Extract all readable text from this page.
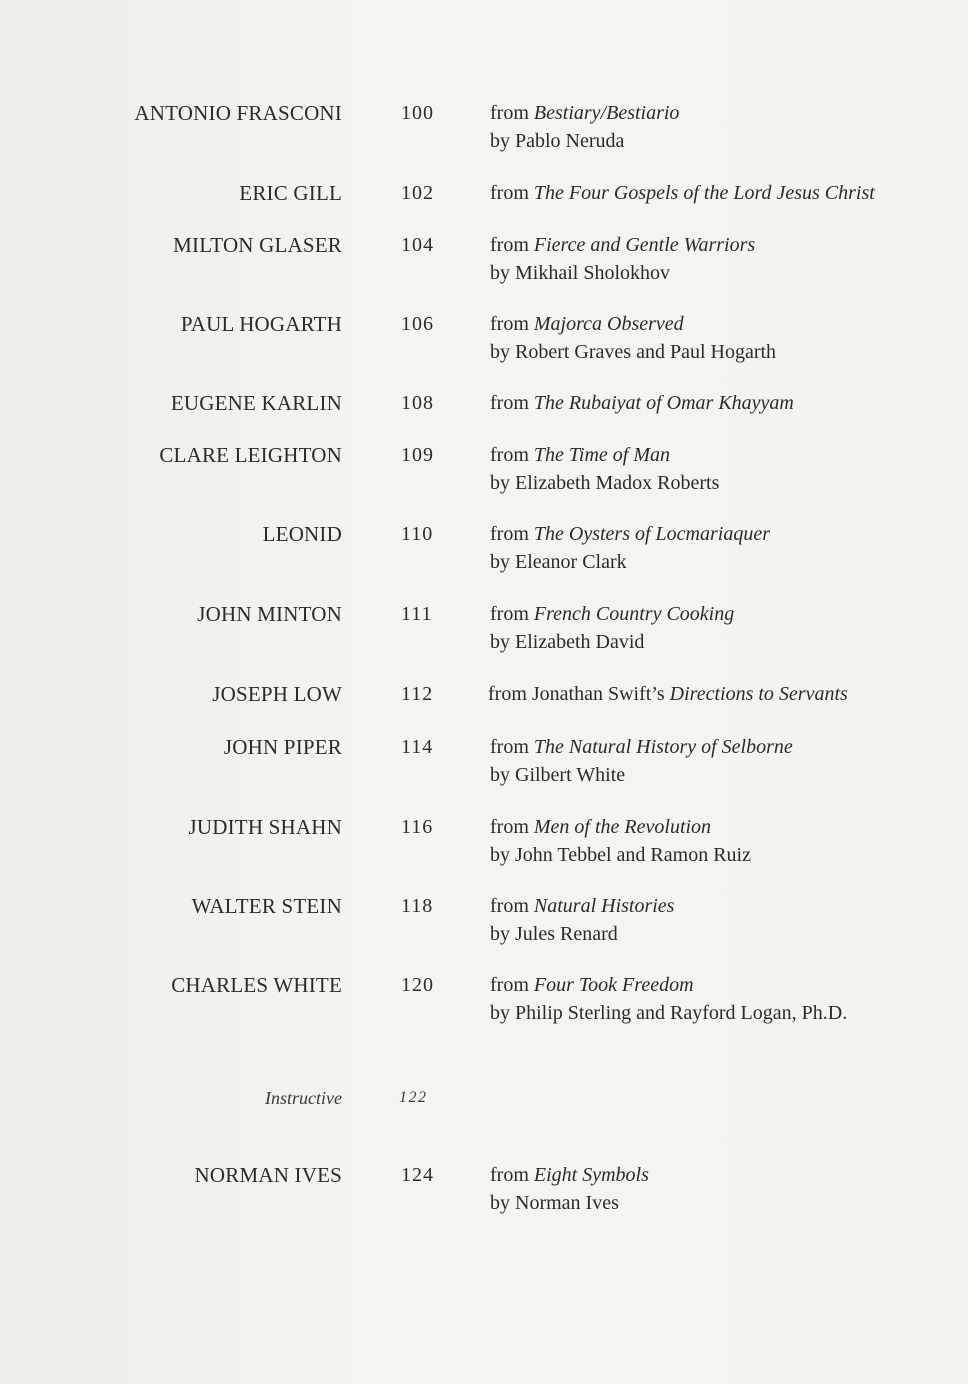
ANTONIO FRASCONI	100	from Bestiary/Bestiario
by Pablo Neruda
ERIC GILL	102	from The Four Gospels of the Lord Jesus Christ
MILTON GLASER	104	from Fierce and Gentle Warriors
by Mikhail Sholokhov
PAUL HOGARTH	106	from Majorca Observed
by Robert Graves and Paul Hogarth
EUGENE KARLIN	108	from The Rubaiyat of Omar Khayyam
CLARE LEIGHTON	109	from The Time of Man
by Elizabeth Madox Roberts
LEONID	110	from The Oysters of Locmariaquer
by Eleanor Clark
JOHN MINTON	111	from French Country Cooking
by Elizabeth David
JOSEPH LOW	112	from Jonathan Swift’s Directions to Servants
JOHN PIPER	114	from The Natural History of Selborne
by Gilbert White
JUDITH SHAHN	116	from Men of the Revolution
by John Tebbel and Ramon Ruiz
WALTER STEIN	118	from Natural Histories
by Jules Renard
CHARLES WHITE	120	from Four Took Freedom
by Philip Sterling and Rayford Logan, Ph.D.
Instructive	122
NORMAN IVES	124	from Eight Symbols
by Norman Ives
